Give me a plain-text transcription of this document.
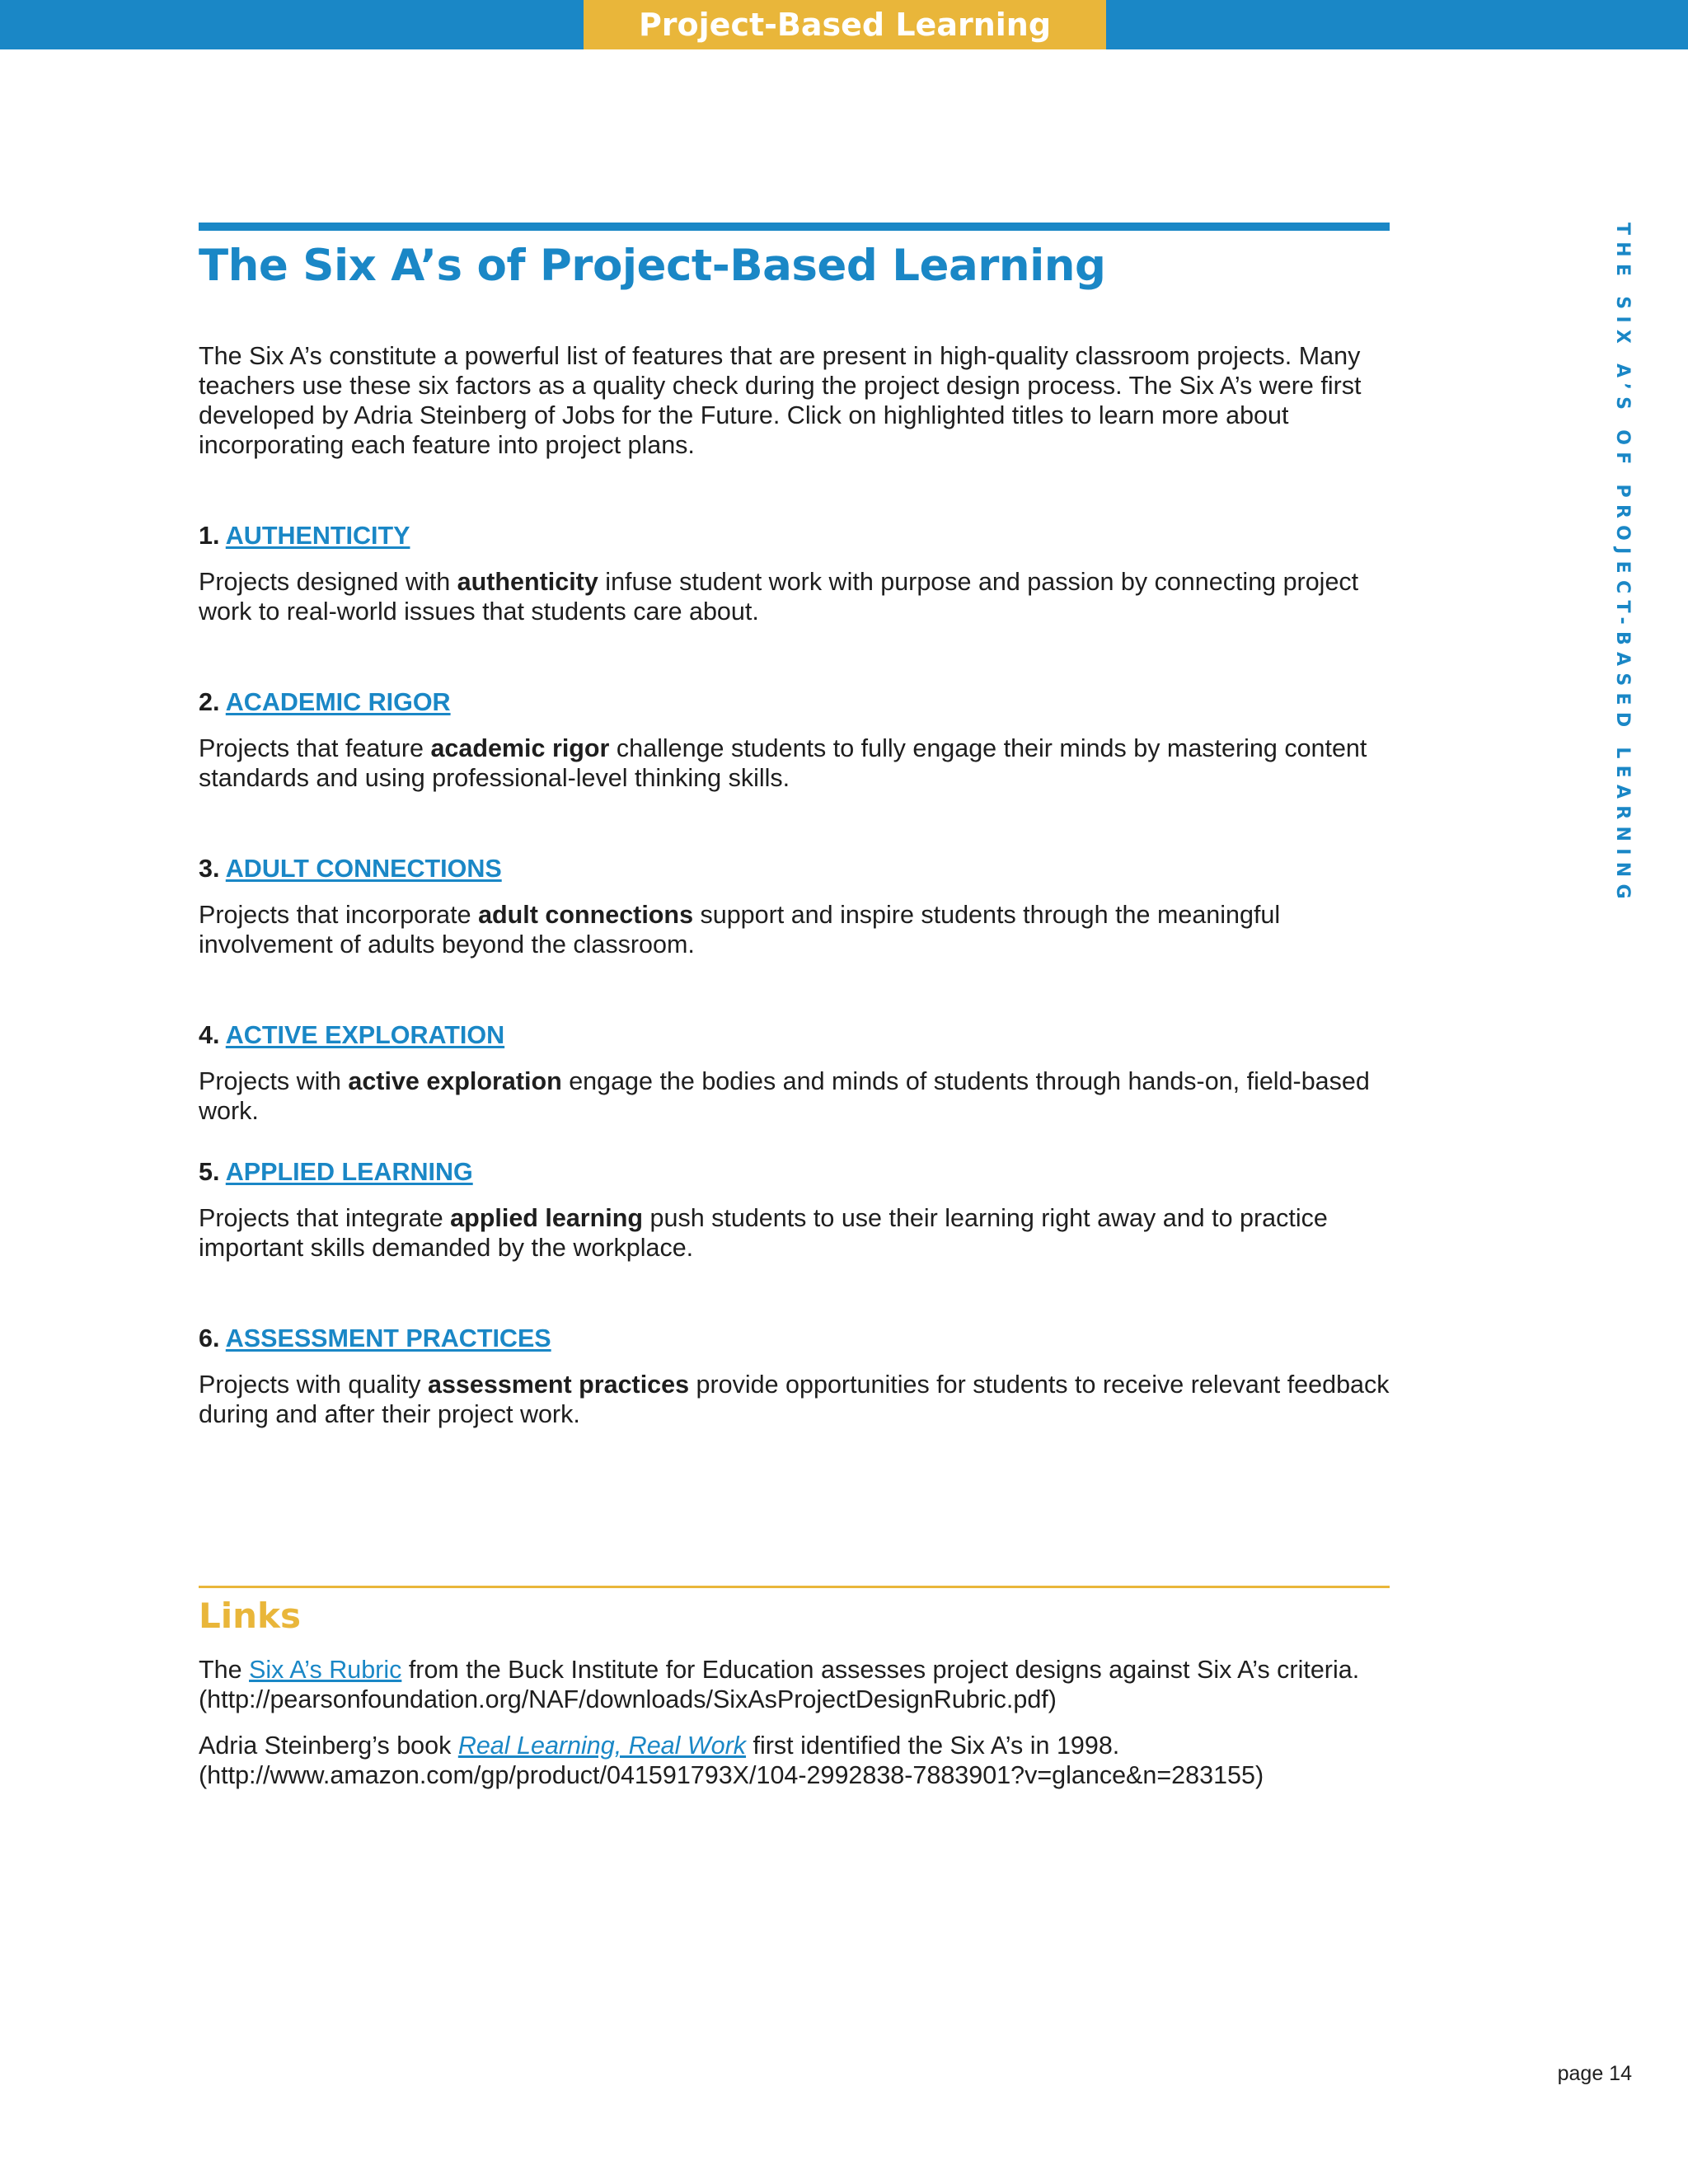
Project-Based Learning Guide
The Six A’s of Project-Based Learning

The Six A’s constitute a powerful list of features that are present in high-quality classroom projects. Many teachers use these six factors as a quality check during the project design process. The Six A’s were first developed by Adria Steinberg of Jobs for the Future. Click on highlighted titles to learn more about incorporating each feature into project plans.

1. AUTHENTICITY

Projects designed with authenticity infuse student work with purpose and passion by connecting project work to real-world issues that students care about.

2. ACADEMIC RIGOR

Projects that feature academic rigor challenge students to fully engage their minds by mastering content standards and using professional-level thinking skills.

3. ADULT CONNECTIONS

Projects that incorporate adult connections support and inspire students through the meaningful involvement of adults beyond the classroom.

4. ACTIVE EXPLORATION

Projects with active exploration engage the bodies and minds of students through hands-on, field-based work.

5. APPLIED LEARNING

Projects that integrate applied learning push students to use their learning right away and to practice important skills demanded by the workplace.

6. ASSESSMENT PRACTICES

Projects with quality assessment practices provide opportunities for students to receive relevant feedback during and after their project work.

Links

The Six A’s Rubric from the Buck Institute for Education assesses project designs against Six A’s criteria.
(http://pearsonfoundation.org/NAF/downloads/SixAsProjectDesignRubric.pdf)

Adria Steinberg’s book Real Learning, Real Work first identified the Six A’s in 1998.
(http://www.amazon.com/gp/product/041591793X/104-2992838-7883901?v=glance&n=283155)

THE SIX A’S OF PROJECT-BASED LEARNING
page 14
